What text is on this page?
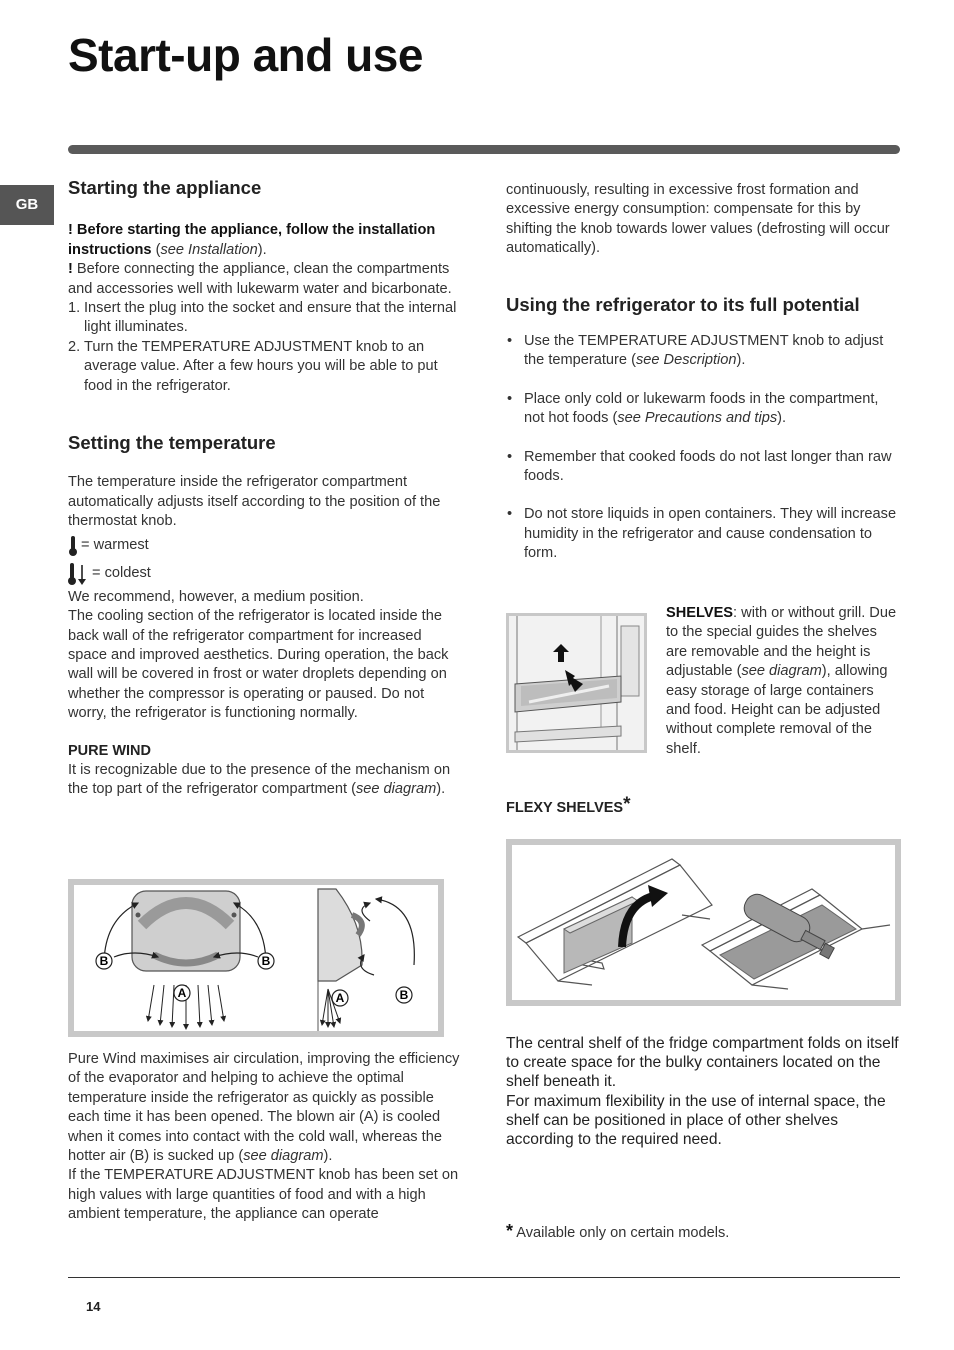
Start-up and use
GB

Starting the appliance

! Before starting the appliance, follow the installation instructions (see Installation).

! Before connecting the appliance, clean the compartments and accessories well with lukewarm water and bicarbonate.

1. Insert the plug into the socket and ensure that the internal light illuminates.
2. Turn the TEMPERATURE ADJUSTMENT knob to an average value. After a few hours you will be able to put food in the refrigerator.

Setting the temperature

The temperature inside the refrigerator compartment automatically adjusts itself according to the position of the thermostat knob.

= warmest
= coldest

We recommend, however, a medium position.
The cooling section of the refrigerator is located inside the back wall of the refrigerator compartment for increased space and improved aesthetics. During operation, the back wall will be covered in frost or water droplets depending on whether the compressor is operating or paused. Do not worry, the refrigerator is functioning normally.

PURE WIND

It is recognizable due to the presence of the mechanism on the top part of the refrigerator compartment (see diagram).

B	B
A	A	B

Pure Wind maximises air circulation, improving the efficiency of the evaporator and helping to achieve the optimal temperature inside the refrigerator as quickly as possible each time it has been opened. The blown air (A) is cooled when it comes into contact with the cold wall, whereas the hotter air (B) is sucked up (see diagram).
If the TEMPERATURE ADJUSTMENT knob has been set on high values with large quantities of food and with a high ambient temperature, the appliance can operate

continuously, resulting in excessive frost formation and excessive energy consumption: compensate for this by shifting the knob towards lower values (defrosting will occur automatically).

Using the refrigerator to its full potential

• Use the TEMPERATURE ADJUSTMENT knob to adjust the temperature (see Description).
• Place only cold or lukewarm foods in the compartment, not hot foods (see Precautions and tips).
• Remember that cooked foods do not last longer than raw foods.
• Do not store liquids in open containers. They will increase humidity in the refrigerator and cause condensation to form.

SHELVES: with or without grill. Due to the special guides the shelves are removable and the height is adjustable (see diagram), allowing easy storage of large containers and food. Height can be adjusted without complete removal of the shelf.

FLEXY SHELVES*

The central shelf of the fridge compartment folds on itself to create space for the bulky containers located on the shelf beneath it.
For maximum flexibility in the use of internal space, the shelf can be positioned in place of other shelves according to the required need.

* Available only on certain models.

14
